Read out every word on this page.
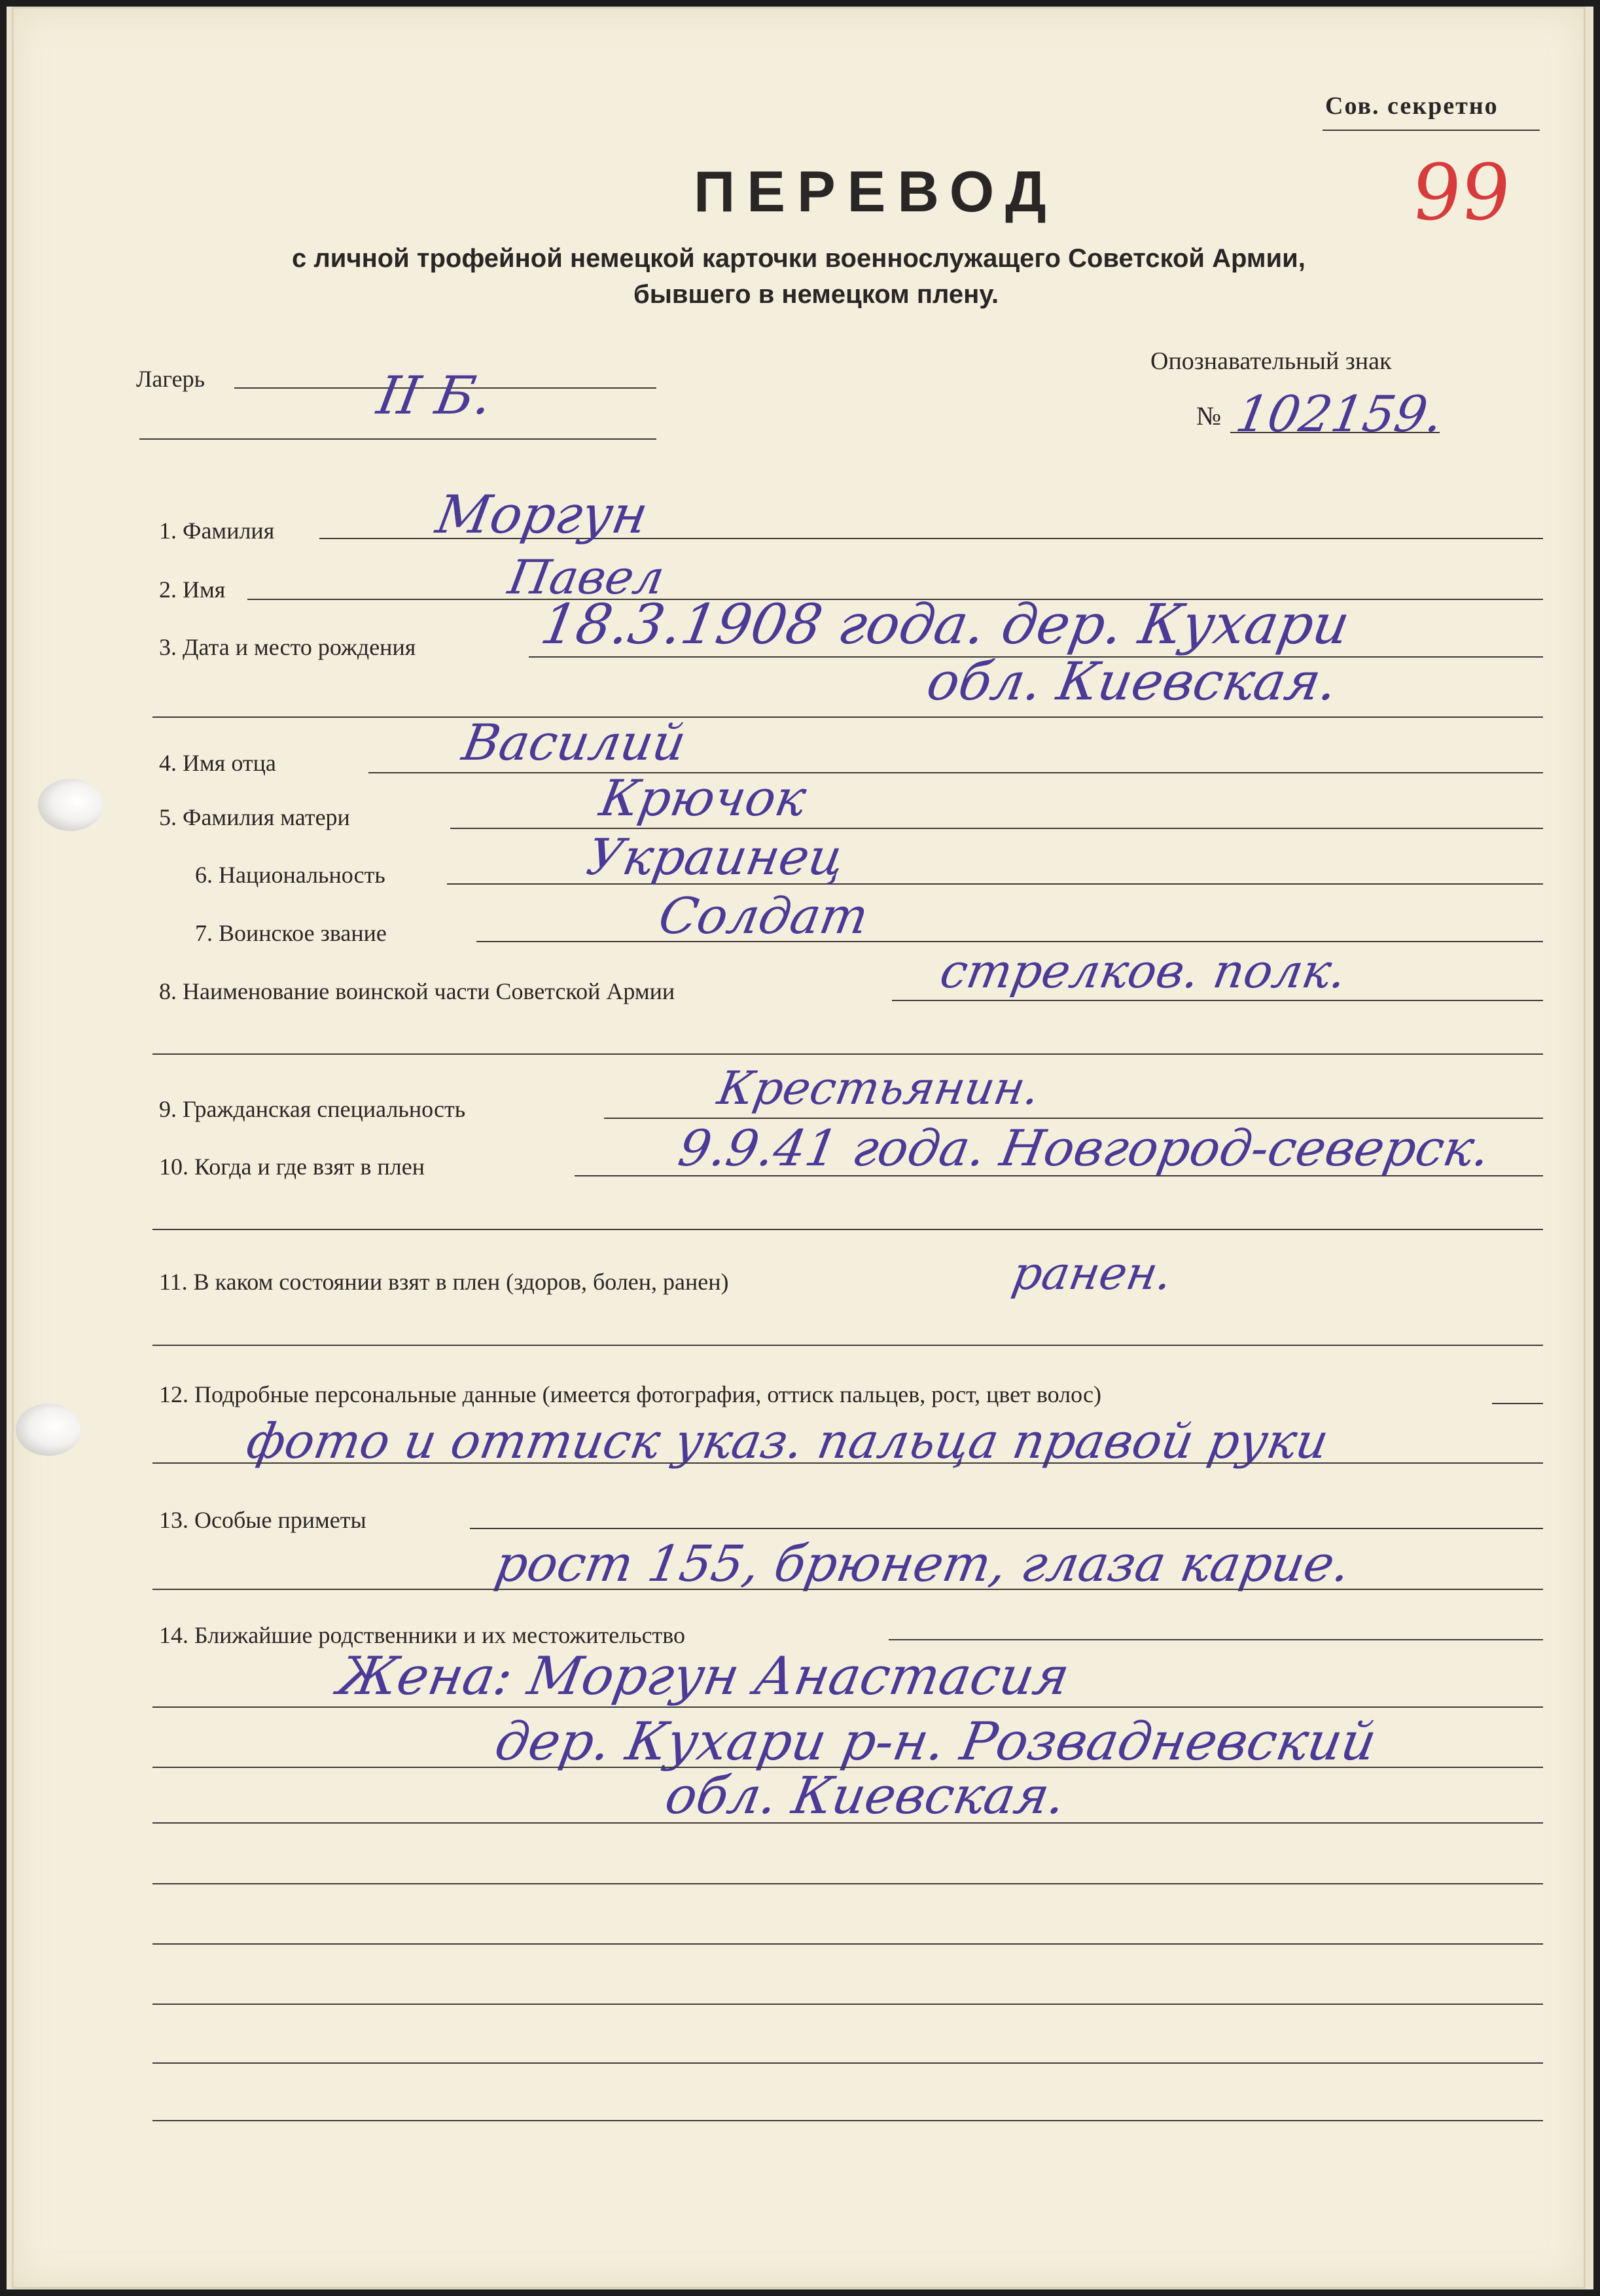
Сов. секретно
99
ПЕРЕВОД
с личной трофейной немецкой карточки военнослужащего Советской Армии,
бывшего в немецком плену.
Лагерь	II Б.
Опознавательный знак
№ 102159.
1. Фамилия	Моргун
2. Имя	Павел
3. Дата и место рождения 18.3.1908 года. дер. Кухари
обл. Киевская.
4. Имя отца	Василий
5. Фамилия матери	Крючок
6. Национальность	Украинец
7. Воинское звание	Солдат
8. Наименование воинской части Советской Армии	стрелков. полк.
9. Гражданская специальность	Крестьянин.
10. Когда и где взят в плен	9.9.41 года. Новгород-северск.
11. В каком состоянии взят в плен (здоров, болен, ранен)	ранен.
12. Подробные персональные данные (имеется фотография, оттиск пальцев, рост, цвет волос)
фото и оттиск указ. пальца правой руки
13. Особые приметы
рост 155, брюнет, глаза карие.
14. Ближайшие родственники и их местожительство
Жена: Моргун Анастасия
дер. Кухари р-н. Розвадневский
обл. Киевская.
